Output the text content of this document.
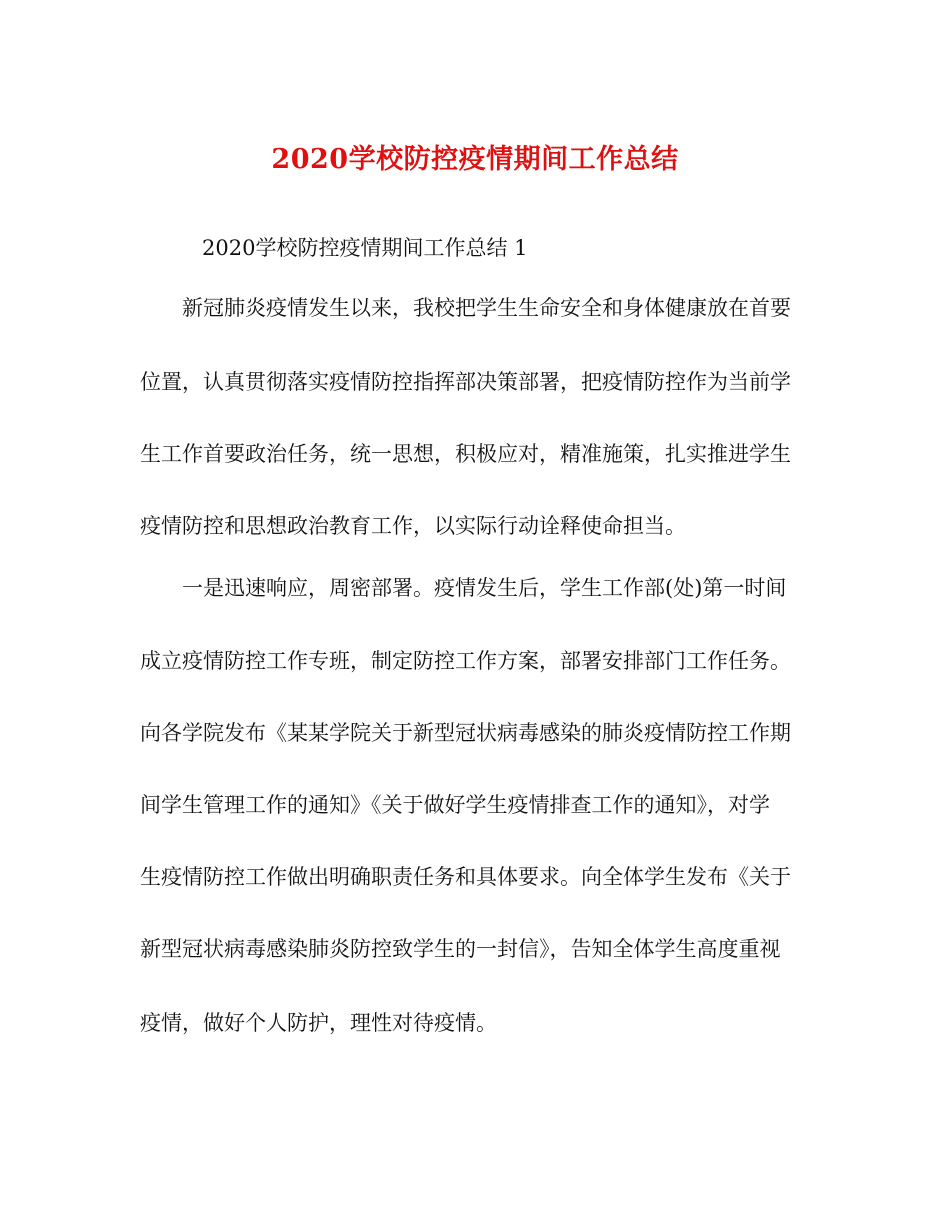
2020学校防控疫情期间工作总结
2020学校防控疫情期间工作总结 1
新冠肺炎疫情发生以来，我校把学生生命安全和身体健康放在首要
位置，认真贯彻落实疫情防控指挥部决策部署，把疫情防控作为当前学
生工作首要政治任务，统一思想，积极应对，精准施策，扎实推进学生
疫情防控和思想政治教育工作，以实际行动诠释使命担当。
一是迅速响应，周密部署。疫情发生后，学生工作部(处)第一时间
成立疫情防控工作专班，制定防控工作方案，部署安排部门工作任务。
向各学院发布《某某学院关于新型冠状病毒感染的肺炎疫情防控工作期
间学生管理工作的通知》《关于做好学生疫情排查工作的通知》，对学
生疫情防控工作做出明确职责任务和具体要求。向全体学生发布《关于
新型冠状病毒感染肺炎防控致学生的一封信》，告知全体学生高度重视
疫情，做好个人防护，理性对待疫情。
